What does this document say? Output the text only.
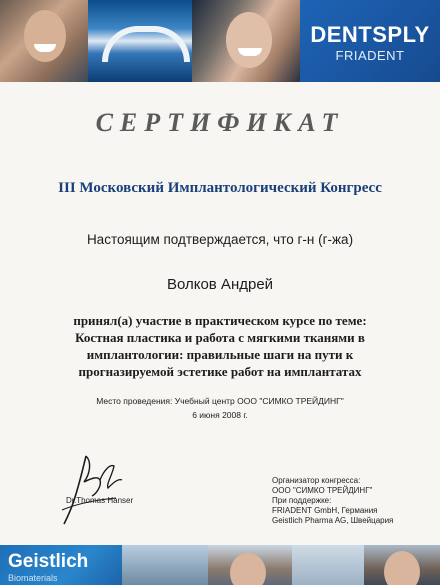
DENTSPLY
FRIADENT
СЕРТИФИКАТ
III Московский Имплантологический Конгресс
Настоящим подтверждается, что г-н (г-жа)
Волков Андрей
принял(а) участие в практическом курсе по теме:
Костная пластика и работа с мягкими тканями в
имплантологии: правильные шаги на пути к
прогназируемой эстетике работ на имплантатах
Место проведения: Учебный центр ООО "СИМКО ТРЕЙДИНГ"
6 июня 2008 г.
Dr.Thomas Hanser
Организатор конгресса:
ООО "СИМКО ТРЕЙДИНГ"
При поддержке:
FRIADENT GmbH, Германия
Geistlich Pharma AG, Швейцария
Geistlich
Biomaterials
